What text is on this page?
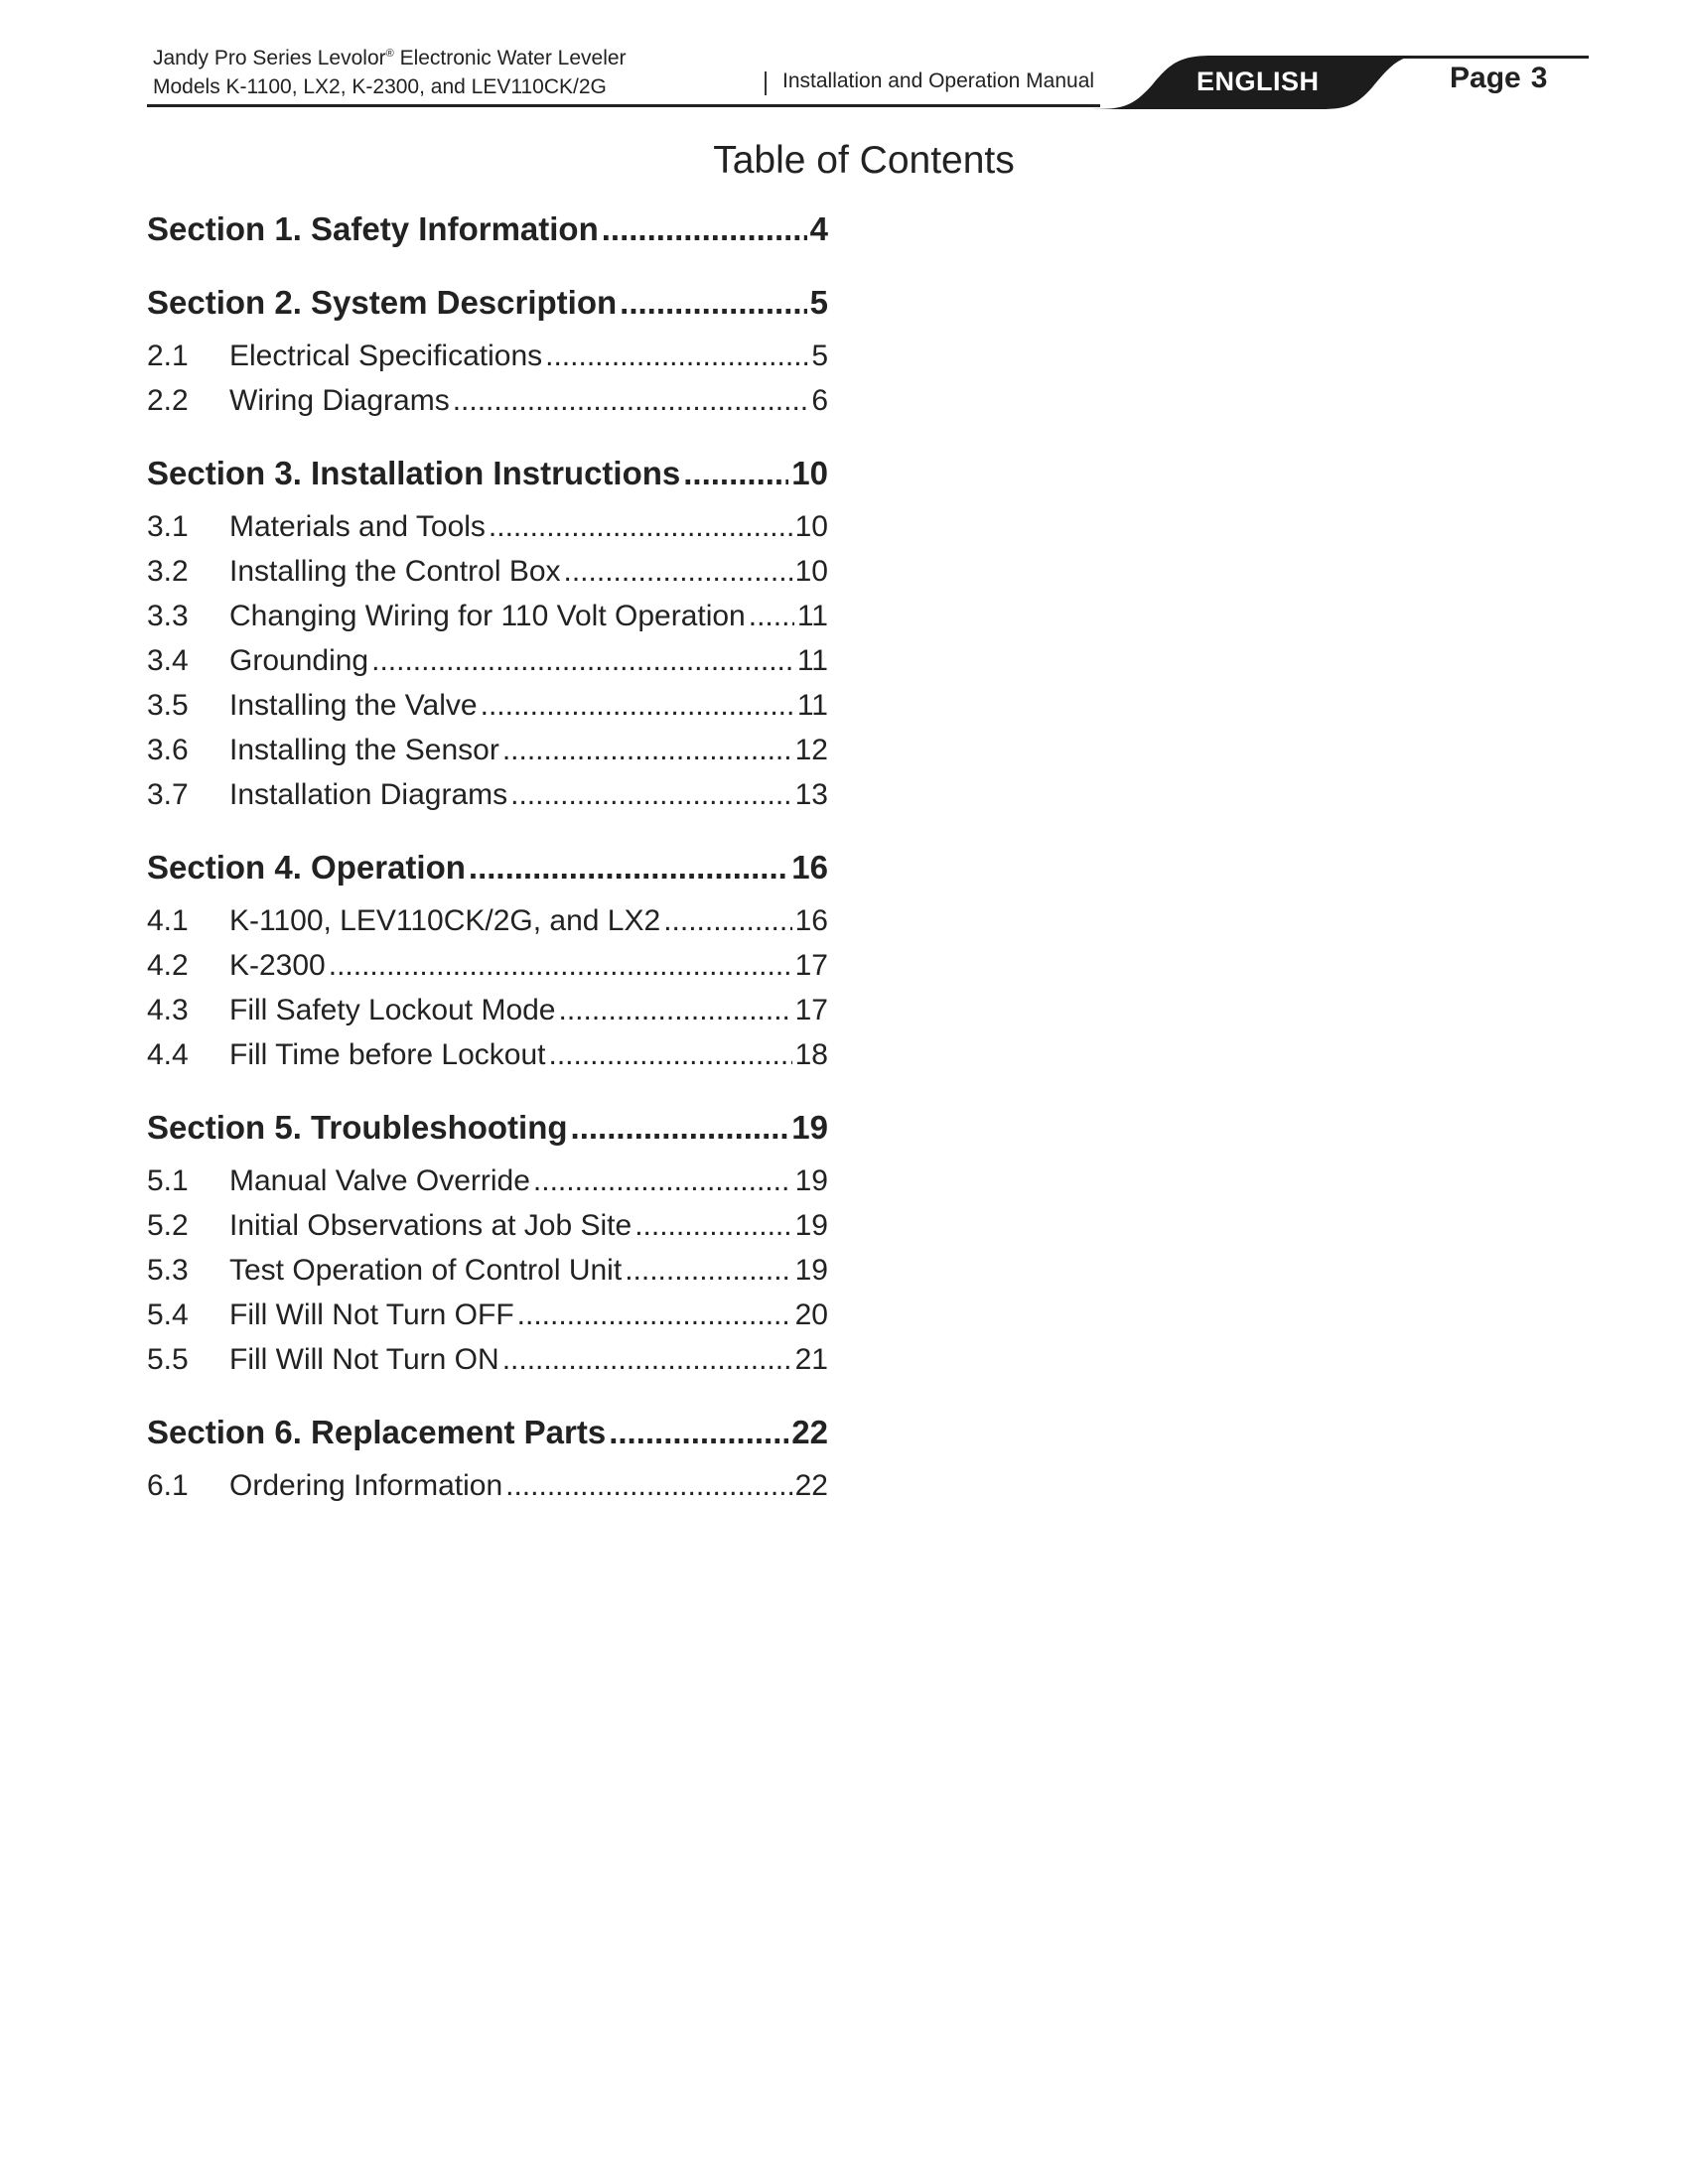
Jandy Pro Series Levolor® Electronic Water Leveler
Models K-1100, LX2, K-2300, and LEV110CK/2G	Installation and Operation Manual	ENGLISH	Page 3
Table of Contents
Section 1. Safety Information .....	4
Section 2. System Description .....	5
2.1	Electrical Specifications .....	5
2.2	Wiring Diagrams .....	6
Section 3. Installation Instructions .....	10
3.1	Materials and Tools .....	10
3.2	Installing the Control Box .....	10
3.3	Changing Wiring for 110 Volt Operation ..... 11
3.4	Grounding .....	11
3.5	Installing the Valve .....	11
3.6	Installing the Sensor .....	12
3.7	Installation Diagrams .....	13
Section 4. Operation .....	16
4.1	K-1100, LEV110CK/2G, and LX2 .....	16
4.2	K-2300 .....	17
4.3	Fill Safety Lockout Mode .....	17
4.4	Fill Time before Lockout .....	18
Section 5. Troubleshooting .....	19
5.1	Manual Valve Override .....	19
5.2	Initial Observations at Job Site .....	19
5.3	Test Operation of Control Unit .....	19
5.4	Fill Will Not Turn OFF .....	20
5.5	Fill Will Not Turn ON .....	21
Section 6. Replacement Parts .....	22
6.1	Ordering Information .....	22
